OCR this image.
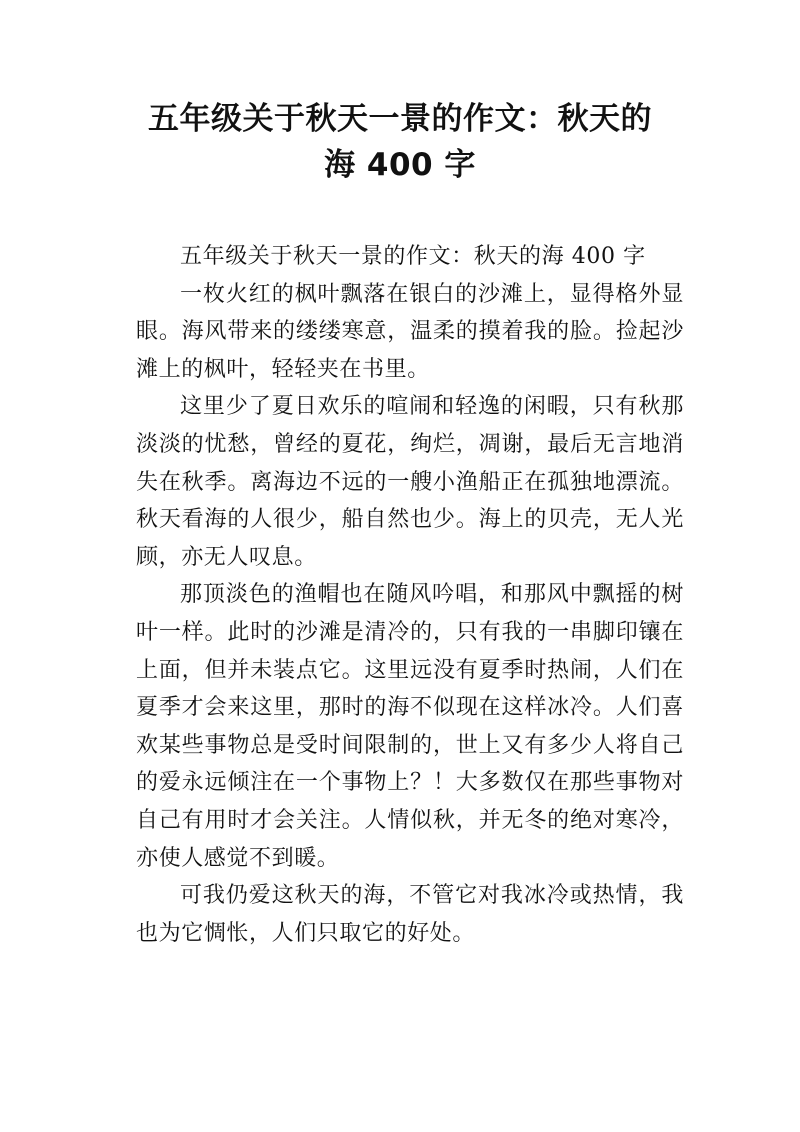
五年级关于秋天一景的作文：秋天的
海 400 字

五年级关于秋天一景的作文：秋天的海 400 字

一枚火红的枫叶飘落在银白的沙滩上，显得格外显眼。海风带来的缕缕寒意，温柔的摸着我的脸。捡起沙滩上的枫叶，轻轻夹在书里。

这里少了夏日欢乐的喧闹和轻逸的闲暇，只有秋那淡淡的忧愁，曾经的夏花，绚烂，凋谢，最后无言地消失在秋季。离海边不远的一艘小渔船正在孤独地漂流。秋天看海的人很少，船自然也少。海上的贝壳，无人光顾，亦无人叹息。

那顶淡色的渔帽也在随风吟唱，和那风中飘摇的树叶一样。此时的沙滩是清冷的，只有我的一串脚印镶在上面，但并未装点它。这里远没有夏季时热闹，人们在夏季才会来这里，那时的海不似现在这样冰冷。人们喜欢某些事物总是受时间限制的，世上又有多少人将自己的爱永远倾注在一个事物上？！大多数仅在那些事物对自己有用时才会关注。人情似秋，并无冬的绝对寒冷，亦使人感觉不到暖。

可我仍爱这秋天的海，不管它对我冰冷或热情，我也为它惆怅，人们只取它的好处。
